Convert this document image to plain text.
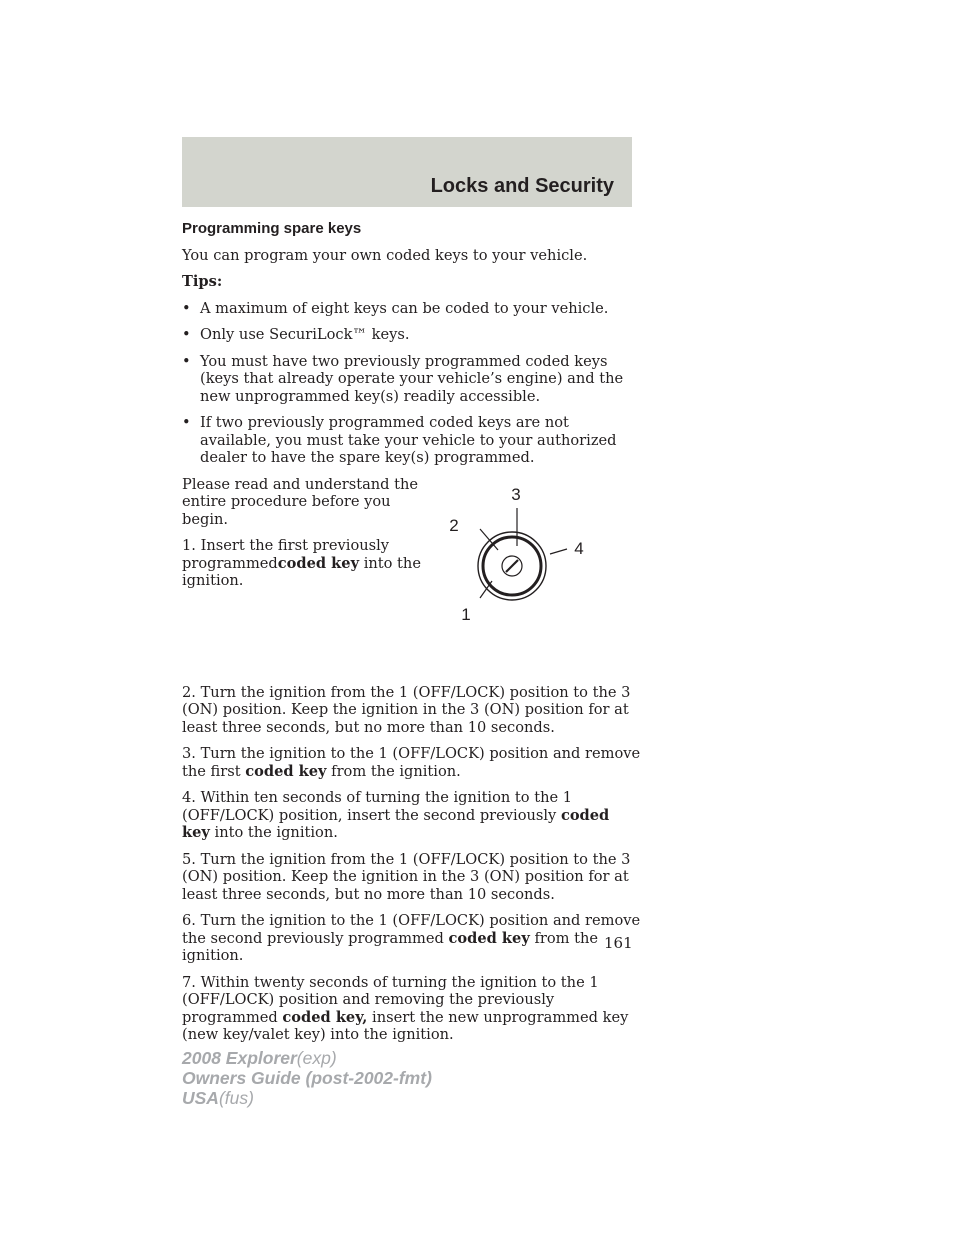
Locks and Security

Programming spare keys

You can program your own coded keys to your vehicle.

Tips:

• A maximum of eight keys can be coded to your vehicle.
• Only use SecuriLock™ keys.
• You must have two previously programmed coded keys (keys that already operate your vehicle’s engine) and the new unprogrammed key(s) readily accessible.
• If two previously programmed coded keys are not available, you must take your vehicle to your authorized dealer to have the spare key(s) programmed.

Please read and understand the entire procedure before you begin.

1. Insert the first previously programmedcoded key into the ignition.

1
2
3
4

2. Turn the ignition from the 1 (OFF/LOCK) position to the 3 (ON) position. Keep the ignition in the 3 (ON) position for at least three seconds, but no more than 10 seconds.

3. Turn the ignition to the 1 (OFF/LOCK) position and remove the first coded key from the ignition.

4. Within ten seconds of turning the ignition to the 1 (OFF/LOCK) position, insert the second previously coded key into the ignition.

5. Turn the ignition from the 1 (OFF/LOCK) position to the 3 (ON) position. Keep the ignition in the 3 (ON) position for at least three seconds, but no more than 10 seconds.

6. Turn the ignition to the 1 (OFF/LOCK) position and remove the second previously programmed coded key from the ignition.

7. Within twenty seconds of turning the ignition to the 1 (OFF/LOCK) position and removing the previously programmed coded key, insert the new unprogrammed key (new key/valet key) into the ignition.

161
2008 Explorer(exp)
Owners Guide (post-2002-fmt)
USA(fus)
